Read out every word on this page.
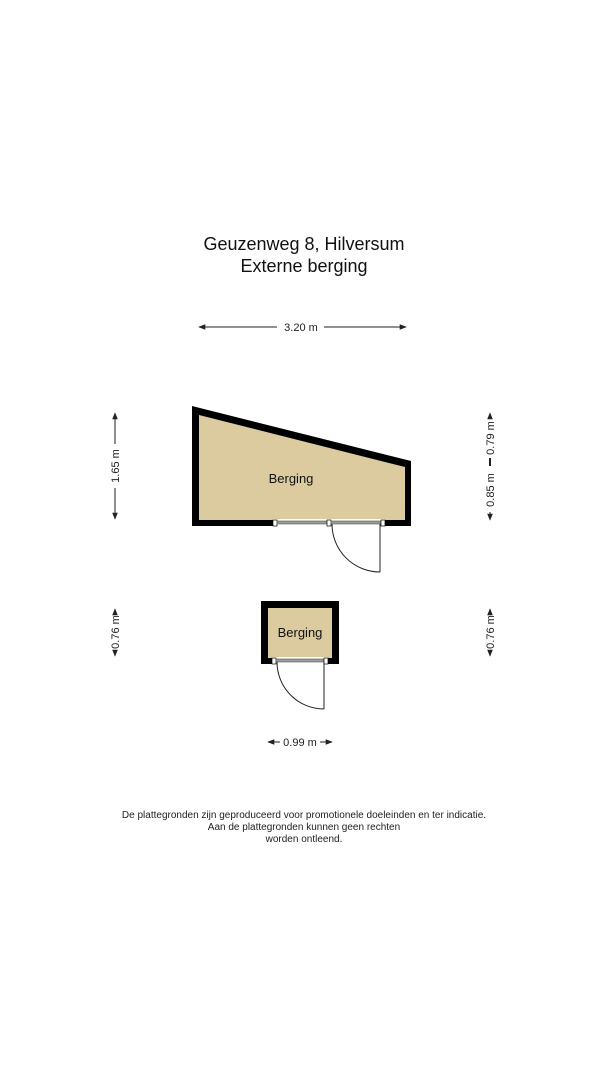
Geuzenweg 8, Hilversum
Externe berging
3.20 m
1.65 m
0.79 m
0.85 m
Berging
0.76 m	0.76 m
Berging
0.99 m
De plattegronden zijn geproduceerd voor promotionele doeleinden en ter indicatie.
Aan de plattegronden kunnen geen rechten
worden ontleend.
